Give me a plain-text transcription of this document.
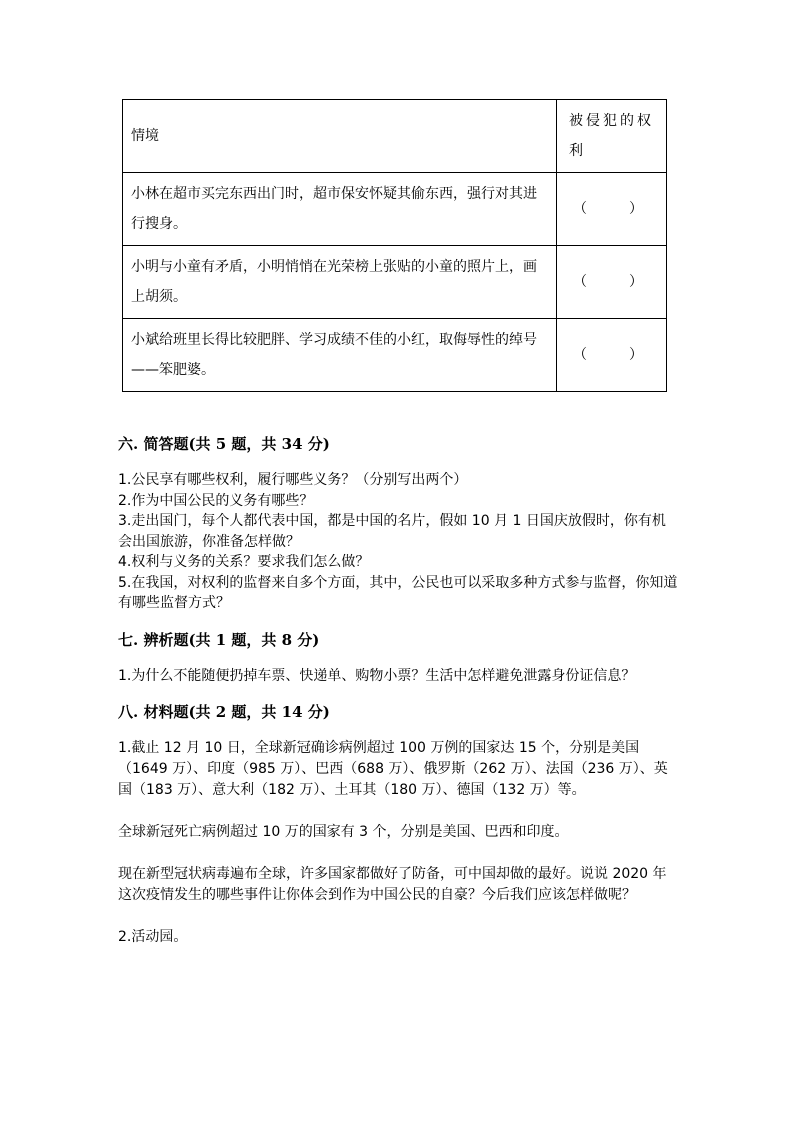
情境	被侵犯的权利
小林在超市买完东西出门时，超市保安怀疑其偷东西，强行对其进行搜身。	（　　　）
小明与小童有矛盾，小明悄悄在光荣榜上张贴的小童的照片上，画上胡须。	（　　　）
小斌给班里长得比较肥胖、学习成绩不佳的小红，取侮辱性的绰号——笨肥婆。	（　　　）
六. 简答题(共 5 题，共 34 分)

1.公民享有哪些权利，履行哪些义务？（分别写出两个）

2.作为中国公民的义务有哪些？

3.走出国门，每个人都代表中国，都是中国的名片，假如 10 月 1 日国庆放假时，你有机会出国旅游，你准备怎样做？

4.权利与义务的关系？要求我们怎么做？

5.在我国，对权利的监督来自多个方面，其中，公民也可以采取多种方式参与监督，你知道有哪些监督方式？

七. 辨析题(共 1 题，共 8 分)

1.为什么不能随便扔掉车票、快递单、购物小票？生活中怎样避免泄露身份证信息？

八. 材料题(共 2 题，共 14 分)

1.截止 12 月 10 日，全球新冠确诊病例超过 100 万例的国家达 15 个，分别是美国（1649 万）、印度（985 万）、巴西（688 万）、俄罗斯（262 万）、法国（236 万）、英国（183 万）、意大利（182 万）、土耳其（180 万）、德国（132 万）等。

全球新冠死亡病例超过 10 万的国家有 3 个，分别是美国、巴西和印度。

现在新型冠状病毒遍布全球，许多国家都做好了防备，可中国却做的最好。说说 2020 年这次疫情发生的哪些事件让你体会到作为中国公民的自豪？今后我们应该怎样做呢？

2.活动园。
